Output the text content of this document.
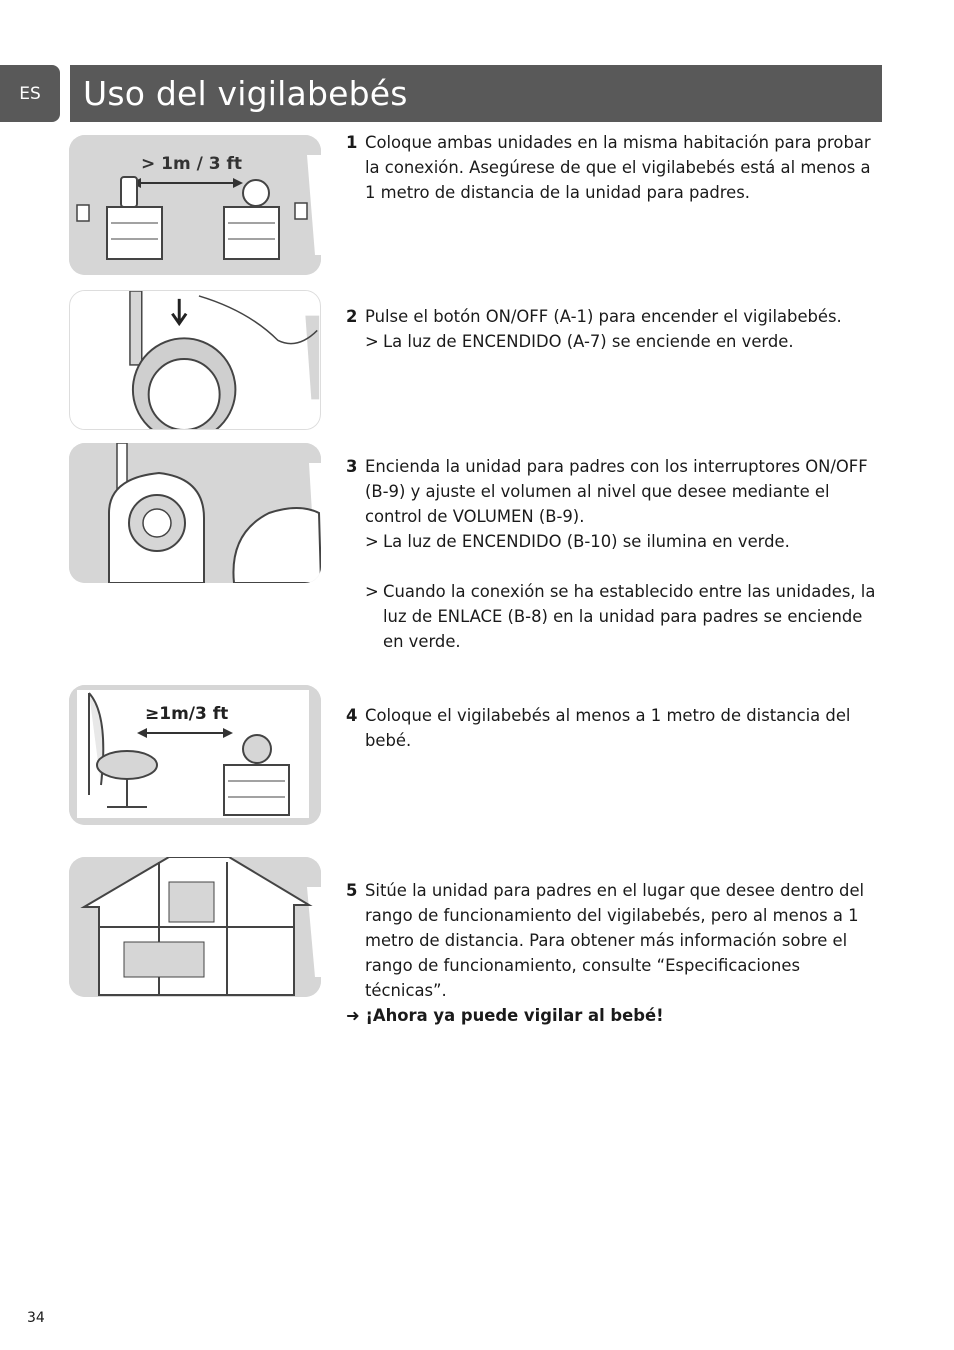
ES	Uso del vigilabebés
> 1m / 3 ft
≥1m/3 ft
1 Coloque ambas unidades en la misma habitación para probar la conexión. Asegúrese de que el vigilabebés está al menos a 1 metro de distancia de la unidad para padres.
2 Pulse el botón ON/OFF (A-1) para encender el vigilabebés.
> La luz de ENCENDIDO (A-7) se enciende en verde.
3 Encienda la unidad para padres con los interruptores ON/OFF (B-9) y ajuste el volumen al nivel que desee mediante el control de VOLUMEN (B-9).
> La luz de ENCENDIDO (B-10) se ilumina en verde.
> Cuando la conexión se ha establecido entre las unidades, la luz de ENLACE (B-8) en la unidad para padres se enciende en verde.
4 Coloque el vigilabebés al menos a 1 metro de distancia del bebé.
5 Sitúe la unidad para padres en el lugar que desee dentro del rango de funcionamiento del vigilabebés, pero al menos a 1 metro de distancia. Para obtener más información sobre el rango de funcionamiento, consulte “Especificaciones técnicas”.
➜ ¡Ahora ya puede vigilar al bebé!
34
